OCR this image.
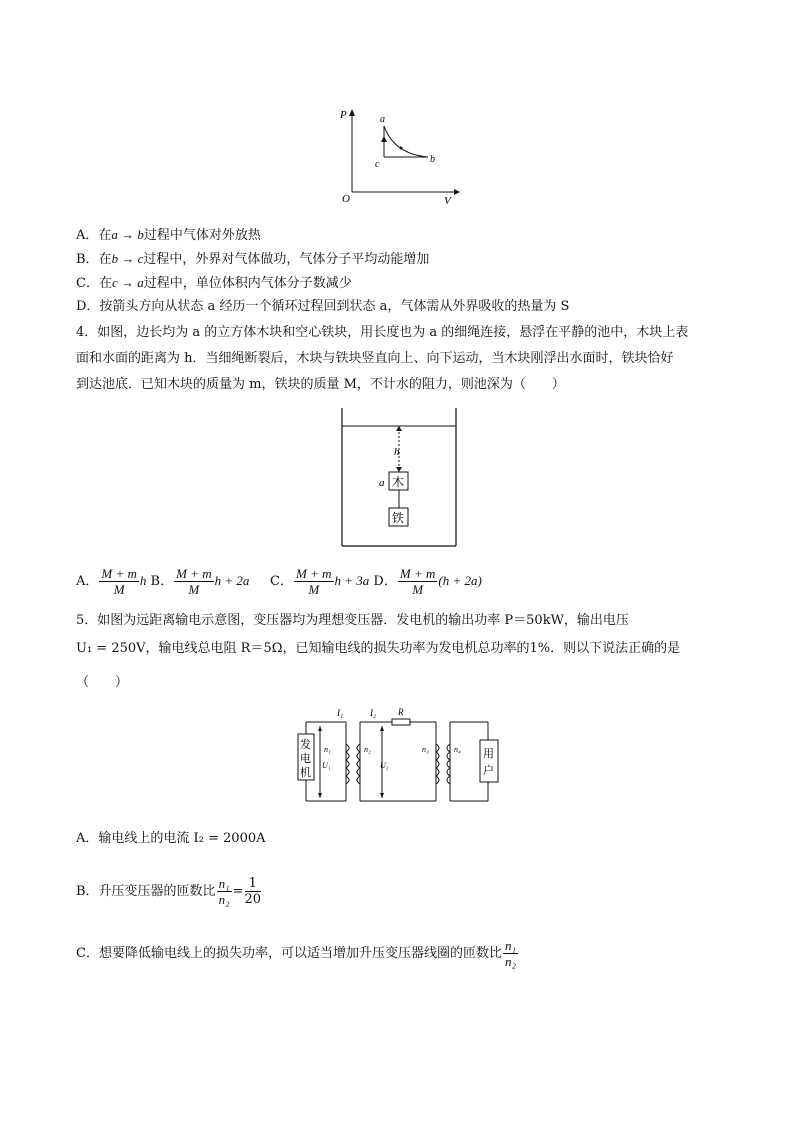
P
V
O
a
b
c
A．在a → b过程中气体对外放热
B．在b → c过程中，外界对气体做功，气体分子平均动能增加
C．在c → a过程中，单位体积内气体分子数减少
D．按箭头方向从状态 a 经历一个循环过程回到状态 a，气体需从外界吸收的热量为 S
4．如图，边长均为 a 的立方体木块和空心铁块，用长度也为 a 的细绳连接，悬浮在平静的池中，木块上表
面和水面的距离为 h．当细绳断裂后，木块与铁块竖直向上、向下运动，当木块刚浮出水面时，铁块恰好
到达池底．已知木块的质量为 m，铁块的质量 M，不计水的阻力，则池深为（　　）
h
a 木
铁
A． $\frac{M + m}{M}$ h B． $\frac{M + m}{M}$ h + 2a C． $\frac{M + m}{M}$ h + 3a D． $\frac{M + m}{M} (h + 2a)$
5．如图为远距离输电示意图，变压器均为理想变压器．发电机的输出功率 P＝50kW，输出电压
U₁ = 250V，输电线总电阻 R＝5Ω，已知输电线的损失功率为发电机总功率的1%．则以下说法正确的是
（　　）
发
电
机
I₁
n₁
U₁
I₂ R
n₂
U₂
n₃	用
户
n₄
A．输电线上的电流 I₂ = 2000A
B．升压变压器的匝数比 $\frac{\text{n₁}}{\text{n₂}} = \frac{1}{20}$
C．想要降低输电线上的损失功率，可以适当增加升压变压器线圈的匝数比 $\frac{\text{n₁}}{\text{n₂}}$
